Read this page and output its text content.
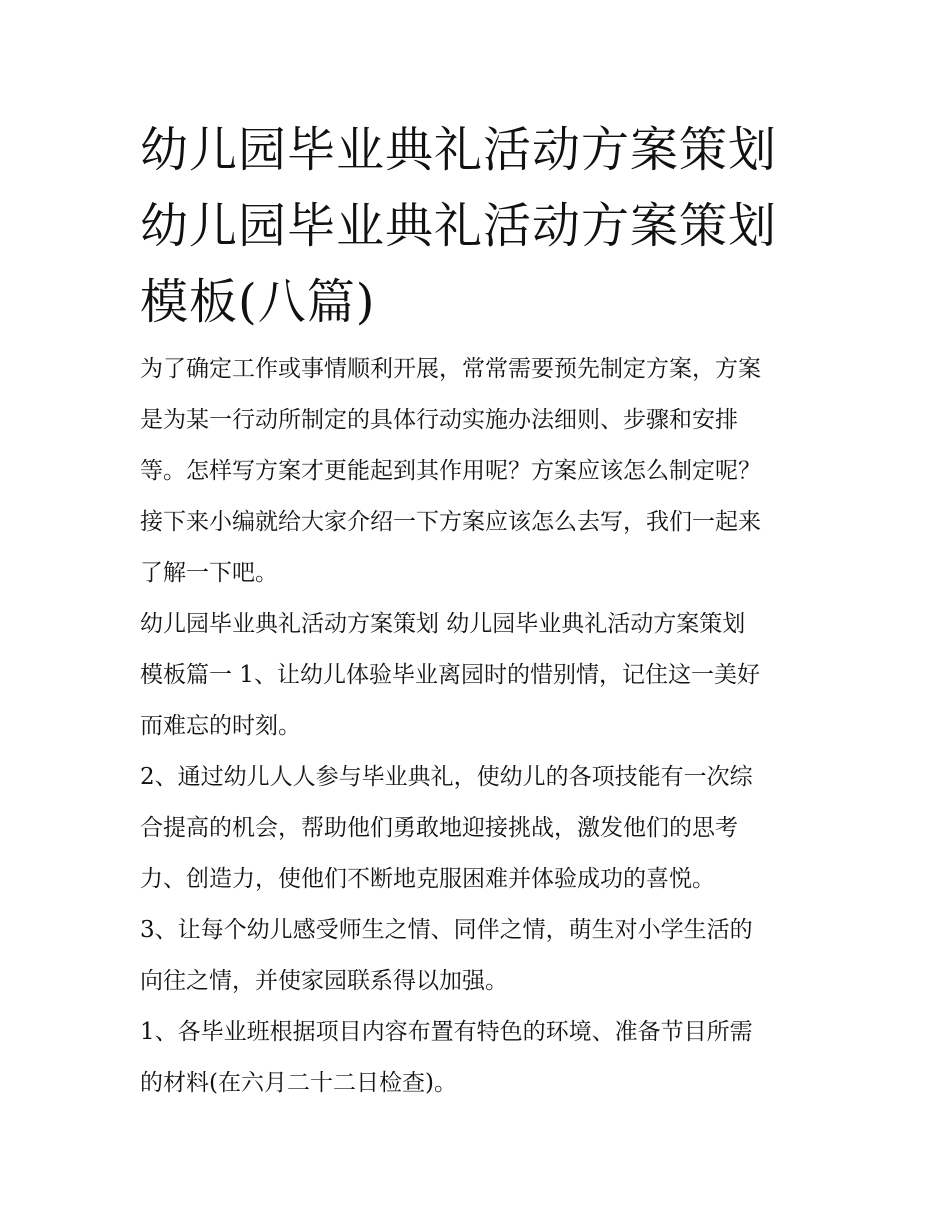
幼儿园毕业典礼活动方案策划
幼儿园毕业典礼活动方案策划
模板(八篇)

为了确定工作或事情顺利开展，常常需要预先制定方案，方案
是为某一行动所制定的具体行动实施办法细则、步骤和安排
等。怎样写方案才更能起到其作用呢？方案应该怎么制定呢？
接下来小编就给大家介绍一下方案应该怎么去写，我们一起来
了解一下吧。

幼儿园毕业典礼活动方案策划 幼儿园毕业典礼活动方案策划
模板篇一 1、让幼儿体验毕业离园时的惜别情，记住这一美好
而难忘的时刻。

2、通过幼儿人人参与毕业典礼，使幼儿的各项技能有一次综
合提高的机会，帮助他们勇敢地迎接挑战，激发他们的思考
力、创造力，使他们不断地克服困难并体验成功的喜悦。

3、让每个幼儿感受师生之情、同伴之情，萌生对小学生活的
向往之情，并使家园联系得以加强。

1、各毕业班根据项目内容布置有特色的环境、准备节目所需
的材料(在六月二十二日检查)。
